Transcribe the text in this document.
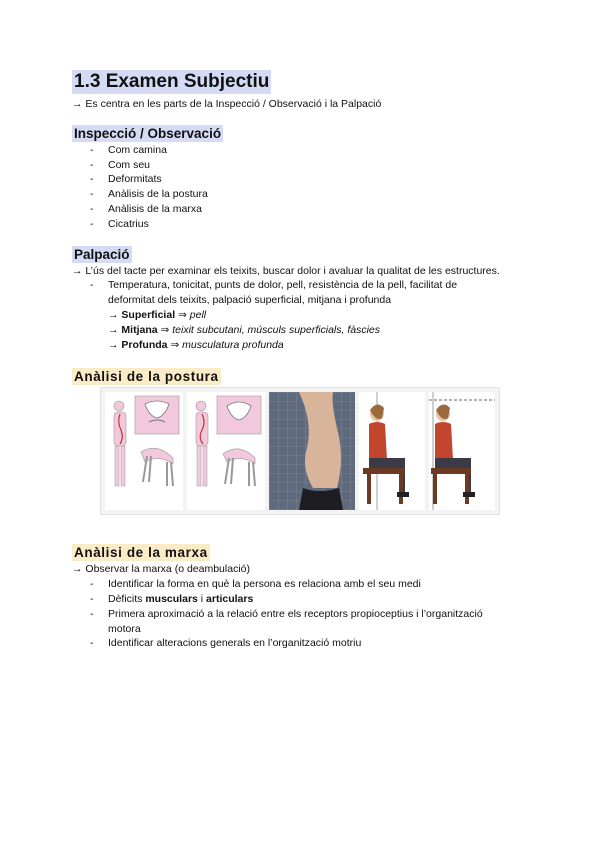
1.3 Examen Subjectiu
→ Es centra en les parts de la Inspecció / Observació i la Palpació
Inspecció / Observació
- Com camina
- Com seu
- Deformitats
- Anàlisis de la postura
- Anàlisis de la marxa
- Cicatrius
Palpació
→ L’ús del tacte per examinar els teixits, buscar dolor i avaluar la qualitat de les estructures.
- Temperatura, tonicitat, punts de dolor, pell, resistència de la pell, facilitat de
deformitat dels teixits, palpació superficial, mitjana i profunda
→ Superficial ⇒ pell
→ Mitjana ⇒ teixit subcutani, músculs superficials, fàscies
→ Profunda ⇒ musculatura profunda
Anàlisi de la postura
Anàlisi de la marxa
→ Observar la marxa (o deambulació)
- Identificar la forma en què la persona es relaciona amb el seu medi
- Dèficits musculars i articulars
- Primera aproximació a la relació entre els receptors propioceptius i l’organització
motora
- Identificar alteracions generals en l’organització motriu
